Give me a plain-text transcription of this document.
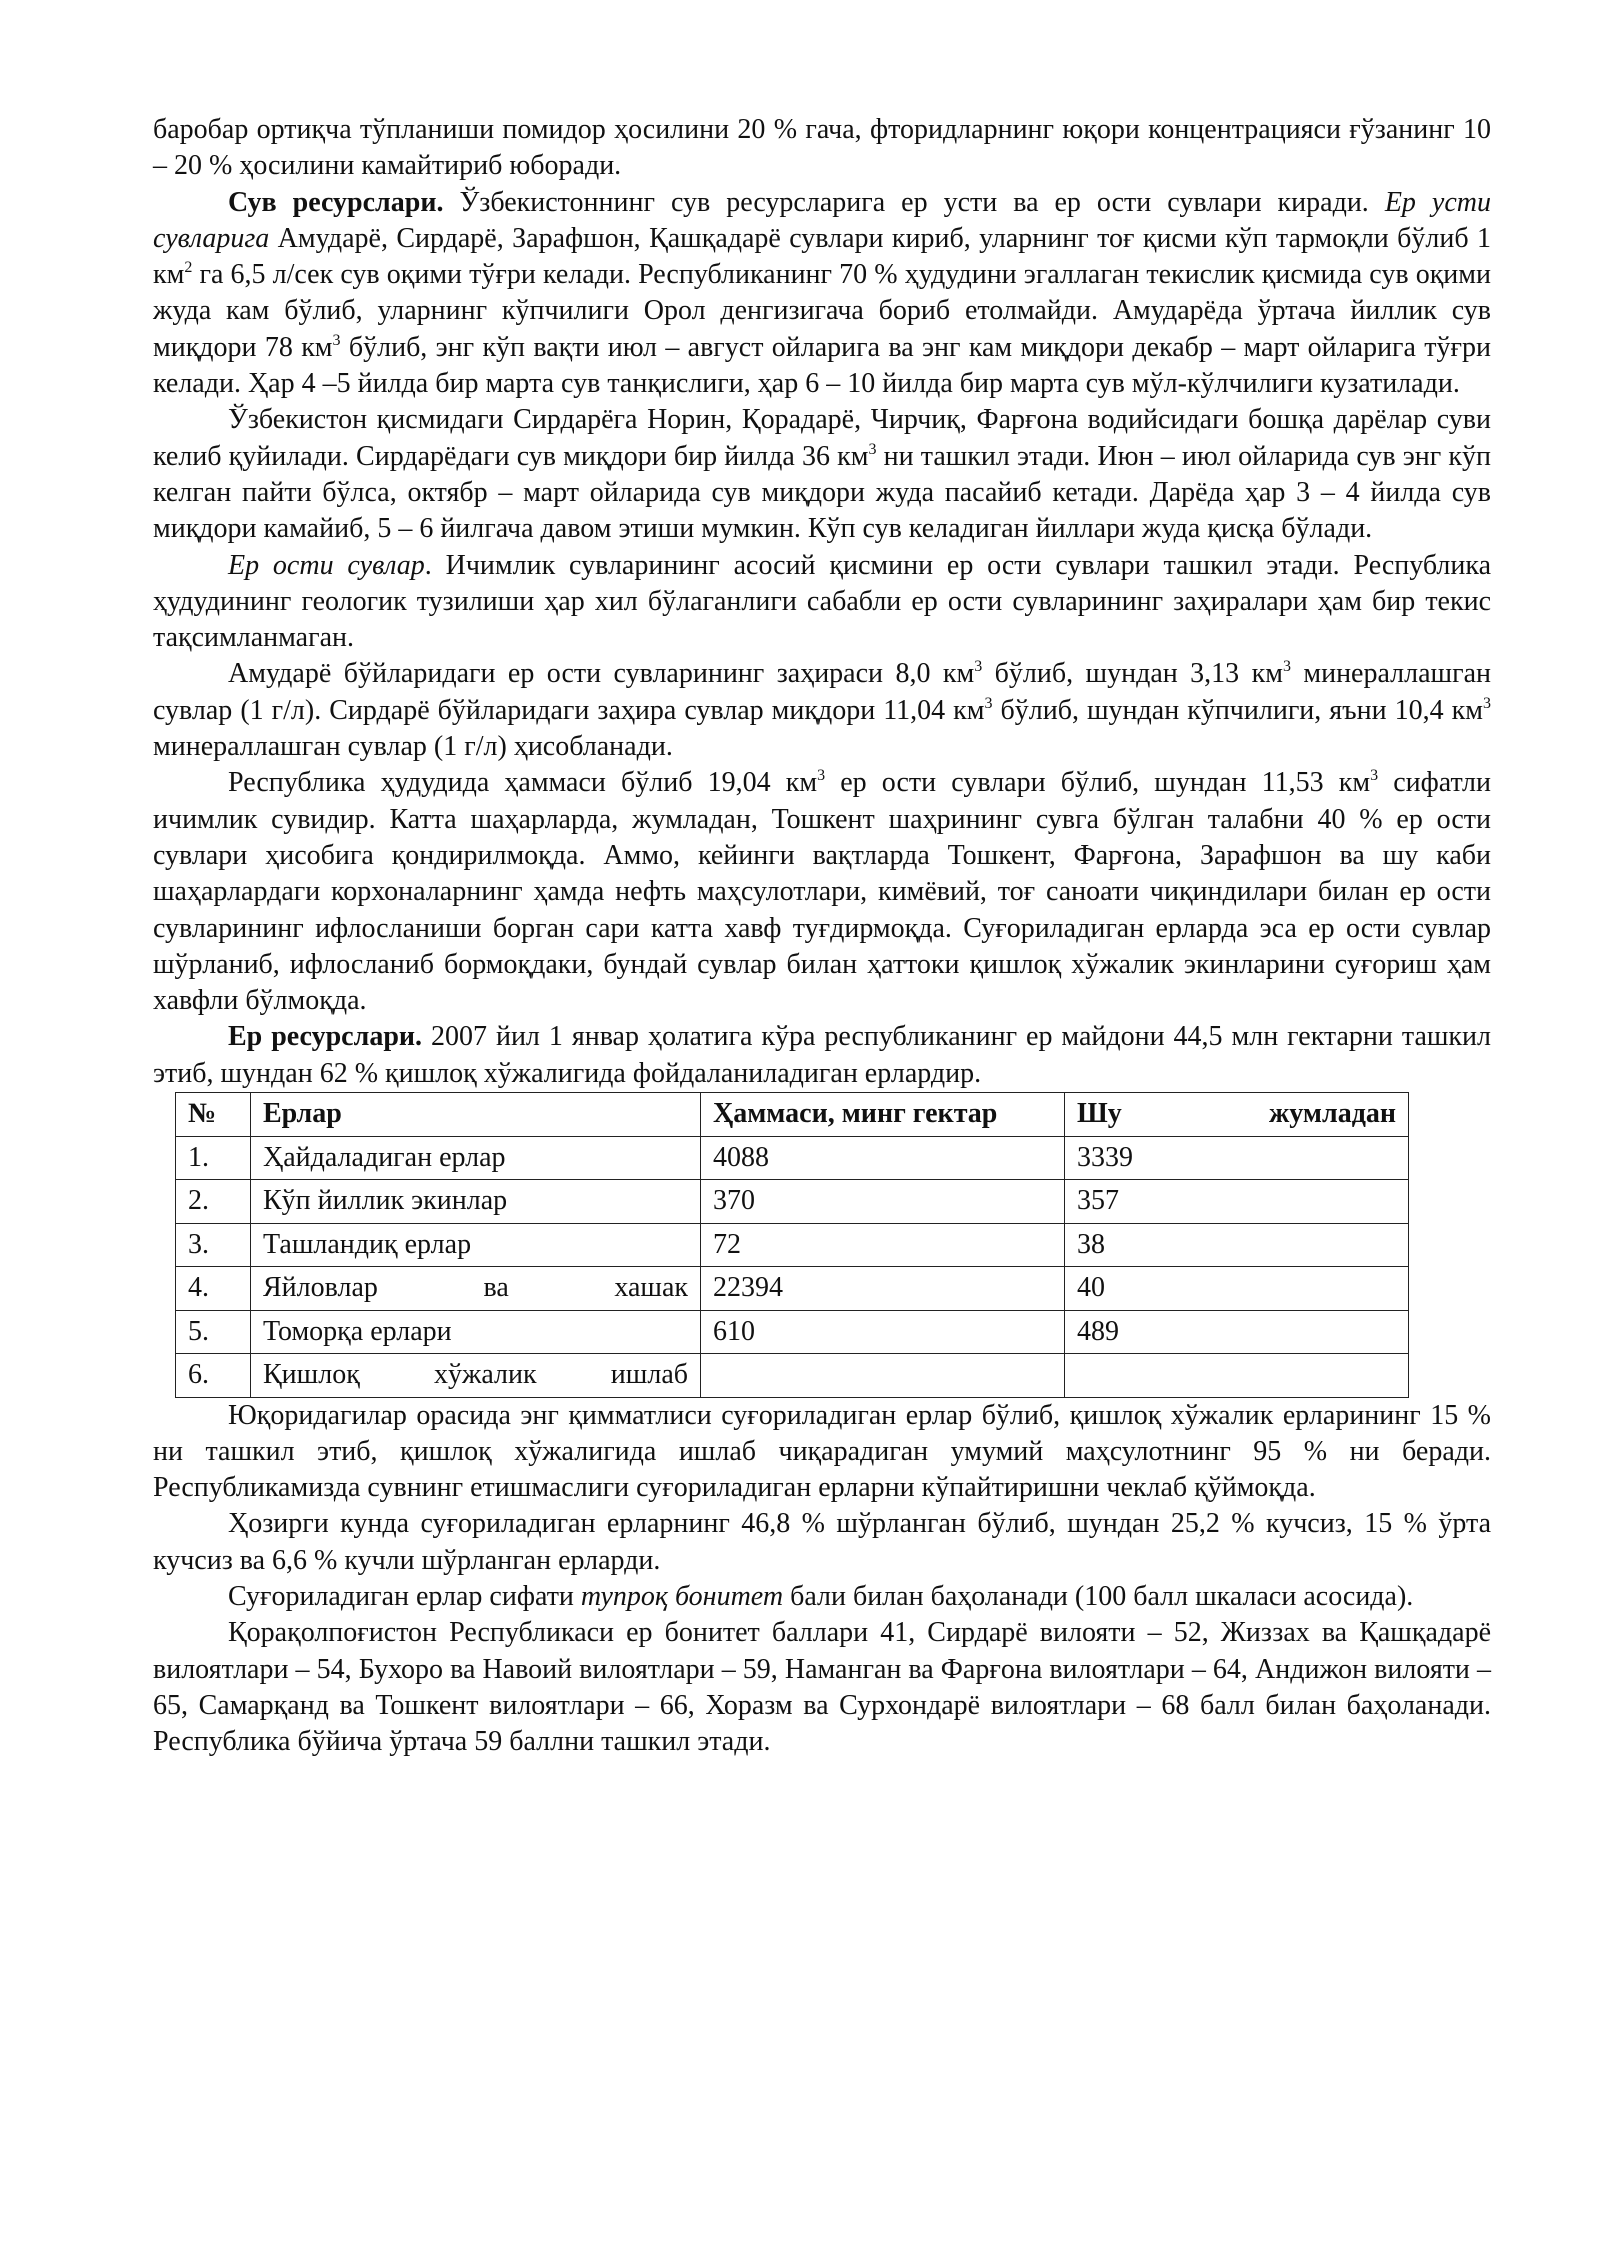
баробар ортиқча тўпланиши помидор ҳосилини 20 % гача, фторидларнинг юқори концентрацияси ғўзанинг 10 – 20 % ҳосилини камайтириб юборади.

Сув ресурслари. Ўзбекистоннинг сув ресурсларига ер усти ва ер ости сувлари киради. Ер усти сувларига Амударё, Сирдарё, Зарафшон, Қашқадарё сувлари кириб, уларнинг тоғ қисми кўп тармоқли бўлиб 1 $км^2$ га 6,5 л/сек сув оқими тўғри келади. Республиканинг 70 % ҳудудини эгаллаган текислик қисмида сув оқими жуда кам бўлиб, уларнинг кўпчилиги Орол денгизигача бориб етолмайди. Амударёда ўртача йиллик сув миқдори 78 $км^3$ бўлиб, энг кўп вақти июл – август ойларига ва энг кам миқдори декабр – март ойларига тўғри келади. Ҳар 4 –5 йилда бир марта сув танқислиги, ҳар 6 – 10 йилда бир марта сув мўл-кўлчилиги кузатилади.

Ўзбекистон қисмидаги Сирдарёга Норин, Қорадарё, Чирчиқ, Фарғона водийсидаги бошқа дарёлар суви келиб қуйилади. Сирдарёдаги сув миқдори бир йилда 36 $км^3$ ни ташкил этади. Июн – июл ойларида сув энг кўп келган пайти бўлса, октябр – март ойларида сув миқдори жуда пасайиб кетади. Дарёда ҳар 3 – 4 йилда сув миқдори камайиб, 5 – 6 йилгача давом этиши мумкин. Кўп сув келадиган йиллари жуда қисқа бўлади.

Ер ости сувлар. Ичимлик сувларининг асосий қисмини ер ости сувлари ташкил этади. Республика ҳудудининг геологик тузилиши ҳар хил бўлаганлиги сабабли ер ости сувларининг заҳиралари ҳам бир текис тақсимланмаган.

Амударё бўйларидаги ер ости сувларининг заҳираси 8,0 $км^3$ бўлиб, шундан 3,13 $км^3$ минераллашган сувлар (1 г/л). Сирдарё бўйларидаги заҳира сувлар миқдори 11,04 $км^3$ бўлиб, шундан кўпчилиги, яъни 10,4 $км^3$ минераллашган сувлар (1 г/л) ҳисобланади.

Республика ҳудудида ҳаммаси бўлиб 19,04 $км^3$ ер ости сувлари бўлиб, шундан 11,53 $км^3$ сифатли ичимлик сувидир. Катта шаҳарларда, жумладан, Тошкент шаҳрининг сувга бўлган талабни 40 % ер ости сувлари ҳисобига қондирилмоқда. Аммо, кейинги вақтларда Тошкент, Фарғона, Зарафшон ва шу каби шаҳарлардаги корхоналарнинг ҳамда нефть маҳсулотлари, кимёвий, тоғ саноати чиқиндилари билан ер ости сувларининг ифлосланиши борган сари катта хавф туғдирмоқда. Суғориладиган ерларда эса ер ости сувлар шўрланиб, ифлосланиб бормоқдаки, бундай сувлар билан ҳаттоки қишлоқ хўжалик экинларини суғориш ҳам хавфли бўлмоқда.

Ер ресурслари. 2007 йил 1 январ ҳолатига кўра республиканинг ер майдони 44,5 млн гектарни ташкил этиб, шундан 62 % қишлоқ хўжалигида фойдаланиладиган ерлардир.

№	Ерлар	Ҳаммаси, минг гектар	Шу жумладан

1.	Ҳайдаладиган ерлар	4088	3339
2.	Кўп йиллик экинлар	370	357
3.	Ташландиқ ерлар	72	38
4.	Яйловлар ва хашак	22394	40
5.	Томорқа ерлари	610	489
6.	Қишлоқ хўжалик ишлаб		

Юқоридагилар орасида энг қимматлиси суғориладиган ерлар бўлиб, қишлоқ хўжалик ерларининг 15 % ни ташкил этиб, қишлоқ хўжалигида ишлаб чиқарадиган умумий маҳсулотнинг 95 % ни беради. Республикамизда сувнинг етишмаслиги суғориладиган ерларни кўпайтиришни чеклаб қўймоқда.

Ҳозирги кунда суғориладиган ерларнинг 46,8 % шўрланган бўлиб, шундан 25,2 % кучсиз, 15 % ўрта кучсиз ва 6,6 % кучли шўрланган ерларди.

Суғориладиган ерлар сифати тупроқ бонитет бали билан баҳоланади (100 балл шкаласи асосида).

Қорақолпоғистон Республикаси ер бонитет баллари 41, Сирдарё вилояти – 52, Жиззах ва Қашқадарё вилоятлари – 54, Бухоро ва Навоий вилоятлари – 59, Наманган ва Фарғона вилоятлари – 64, Андижон вилояти – 65, Самарқанд ва Тошкент вилоятлари – 66, Хоразм ва Сурхондарё вилоятлари – 68 балл билан баҳоланади. Республика бўйича ўртача 59 баллни ташкил этади.
